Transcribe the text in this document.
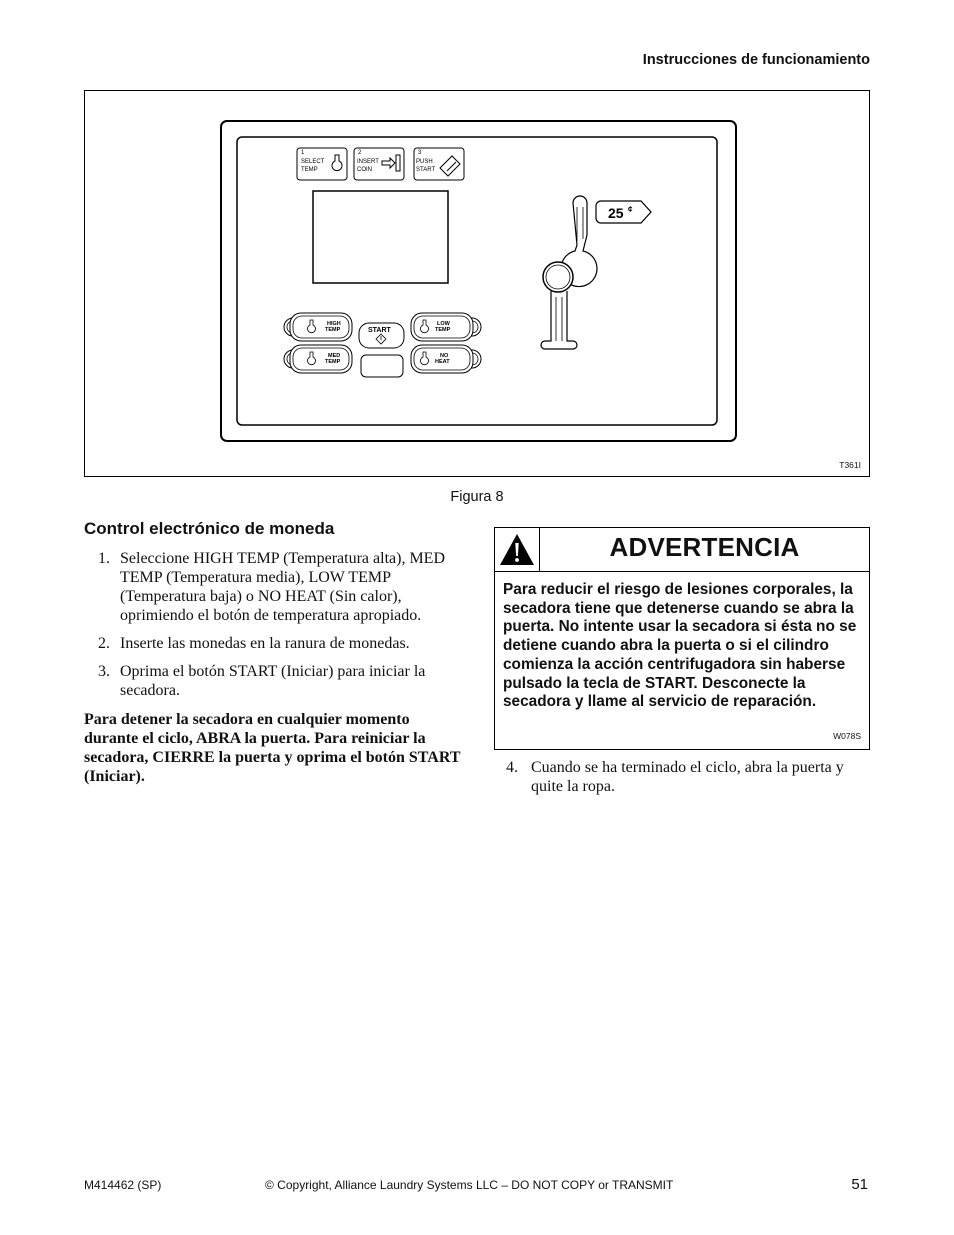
Instrucciones de funcionamiento
1
SELECT
TEMP
2
INSERT
COIN
3
PUSH
START
HIGH
TEMP
MED
TEMP
START
LOW
TEMP
NO
HEAT
25 ¢
T361I
Figura 8
Control electrónico de moneda
1. Seleccione HIGH TEMP (Temperatura alta), MED TEMP (Temperatura media), LOW TEMP (Temperatura baja) o NO HEAT (Sin calor), oprimiendo el botón de temperatura apropiado.
2. Inserte las monedas en la ranura de monedas.
3. Oprima el botón START (Iniciar) para iniciar la secadora.
Para detener la secadora en cualquier momento durante el ciclo, ABRA la puerta. Para reiniciar la secadora, CIERRE la puerta y oprima el botón START (Iniciar).
ADVERTENCIA
Para reducir el riesgo de lesiones corporales, la secadora tiene que detenerse cuando se abra la puerta. No intente usar la secadora si ésta no se detiene cuando abra la puerta o si el cilindro comienza la acción centrifugadora sin haberse pulsado la tecla de START. Desconecte la secadora y llame al servicio de reparación.
W078S
4. Cuando se ha terminado el ciclo, abra la puerta y quite la ropa.
M414462 (SP)	© Copyright, Alliance Laundry Systems LLC – DO NOT COPY or TRANSMIT	51
